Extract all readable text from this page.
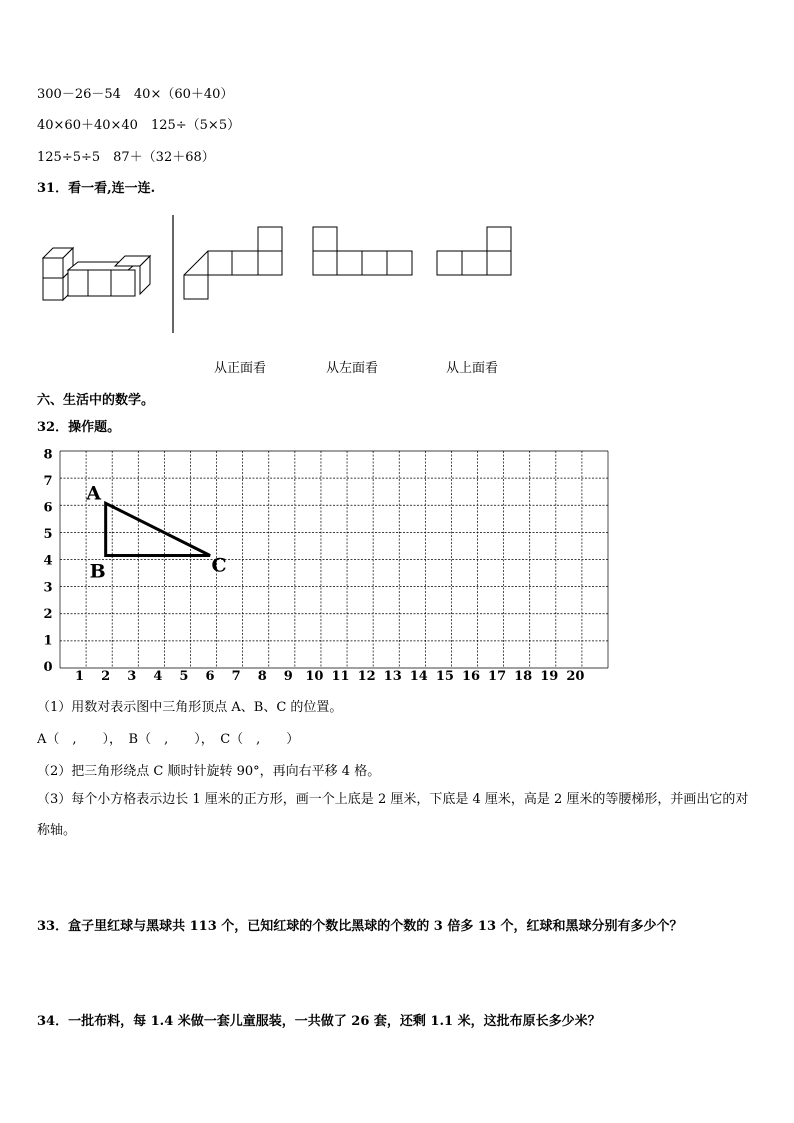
300－26－54　40×（60＋40）
40×60＋40×40　125÷（5×5）
125÷5÷5　87＋（32＋68）
31．看一看,连一连.
从正面看	从左面看	从上面看
六、生活中的数学。
32．操作题。
1 2 3 4 5 6 7 8 9 10 11 12 13 14 15 16 17 18 19 20
0
1
2
3
4
5
6
7
8
A
B	C
（1）用数对表示图中三角形顶点 A、B、C 的位置。
A（　,　　），　B（　,　　），　C（　,　　）
（2）把三角形绕点 C 顺时针旋转 90°，再向右平移 4 格。
（3）每个小方格表示边长 1 厘米的正方形，画一个上底是 2 厘米，下底是 4 厘米，高是 2 厘米的等腰梯形，并画出它的对称轴。
33．盒子里红球与黑球共 113 个，已知红球的个数比黑球的个数的 3 倍多 13 个，红球和黑球分别有多少个？
34．一批布料，每 1.4 米做一套儿童服装，一共做了 26 套，还剩 1.1 米，这批布原长多少米？
